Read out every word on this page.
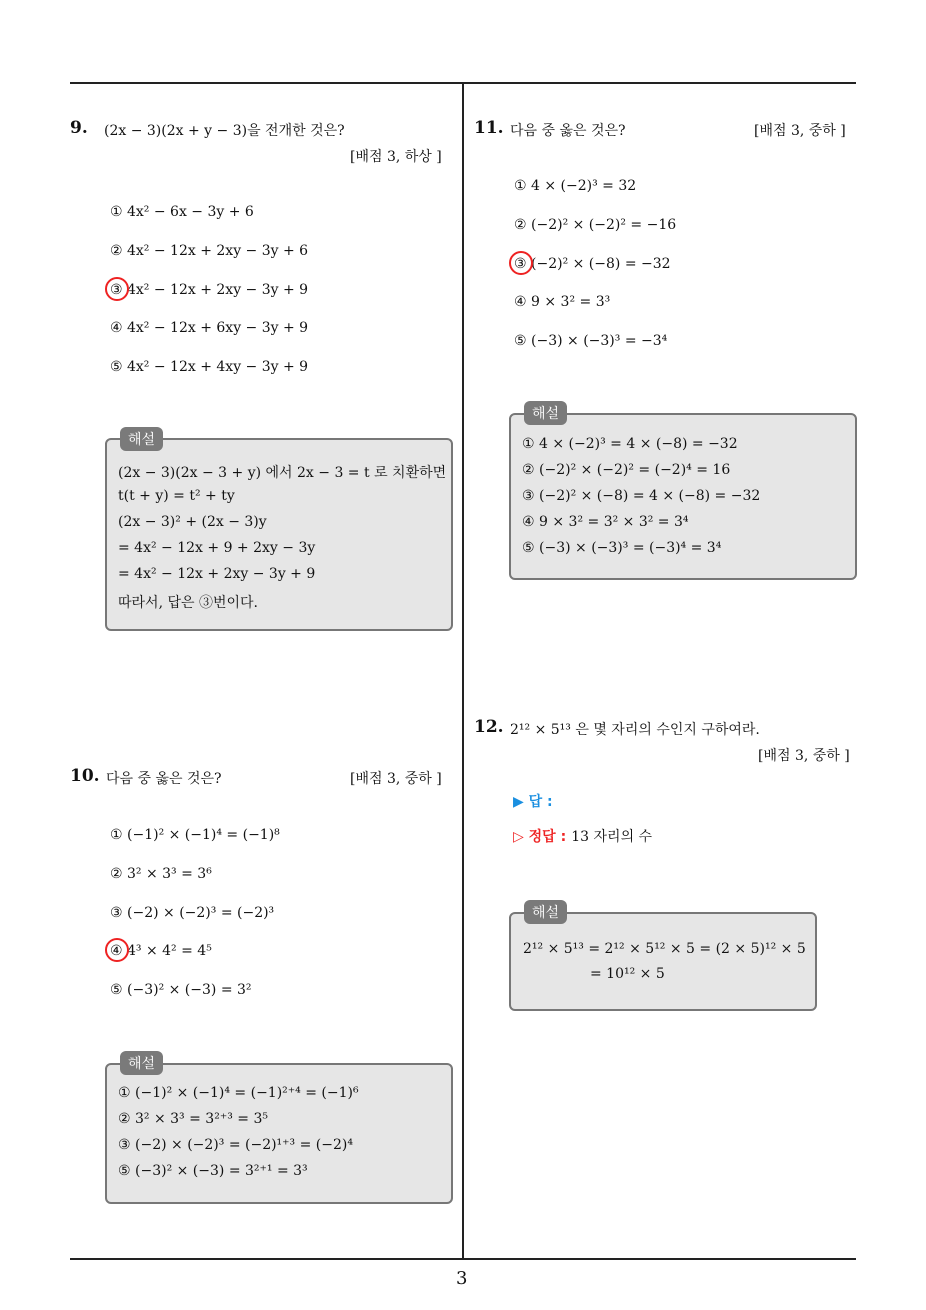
3
9. (2x − 3)(2x + y − 3)을 전개한 것은?
[배점 3, 하상 ]
① 4x² − 6x − 3y + 6
② 4x² − 12x + 2xy − 3y + 6
③ 4x² − 12x + 2xy − 3y + 9
④ 4x² − 12x + 6xy − 3y + 9
⑤ 4x² − 12x + 4xy − 3y + 9
해설
(2x − 3)(2x − 3 + y) 에서 2x − 3 = t 로 치환하면
t(t + y) = t² + ty
(2x − 3)² + (2x − 3)y
= 4x² − 12x + 9 + 2xy − 3y
= 4x² − 12x + 2xy − 3y + 9
따라서, 답은 ③번이다.
10. 다음 중 옳은 것은?	[배점 3, 중하 ]
① (−1)² × (−1)⁴ = (−1)⁸
② 3² × 3³ = 3⁶
③ (−2) × (−2)³ = (−2)³
④ 4³ × 4² = 4⁵
⑤ (−3)² × (−3) = 3²
해설
① (−1)² × (−1)⁴ = (−1)²⁺⁴ = (−1)⁶
② 3² × 3³ = 3²⁺³ = 3⁵
③ (−2) × (−2)³ = (−2)¹⁺³ = (−2)⁴
⑤ (−3)² × (−3) = 3²⁺¹ = 3³
11. 다음 중 옳은 것은?	[배점 3, 중하 ]
① 4 × (−2)³ = 32
② (−2)² × (−2)² = −16
③ (−2)² × (−8) = −32
④ 9 × 3² = 3³
⑤ (−3) × (−3)³ = −3⁴
해설
① 4 × (−2)³ = 4 × (−8) = −32
② (−2)² × (−2)² = (−2)⁴ = 16
③ (−2)² × (−8) = 4 × (−8) = −32
④ 9 × 3² = 3² × 3² = 3⁴
⑤ (−3) × (−3)³ = (−3)⁴ = 3⁴
12. 2¹² × 5¹³ 은 몇 자리의 수인지 구하여라.
[배점 3, 중하 ]
▶ 답 :
▷ 정답 : 13 자리의 수
해설
2¹² × 5¹³ = 2¹² × 5¹² × 5 = (2 × 5)¹² × 5
= 10¹² × 5
